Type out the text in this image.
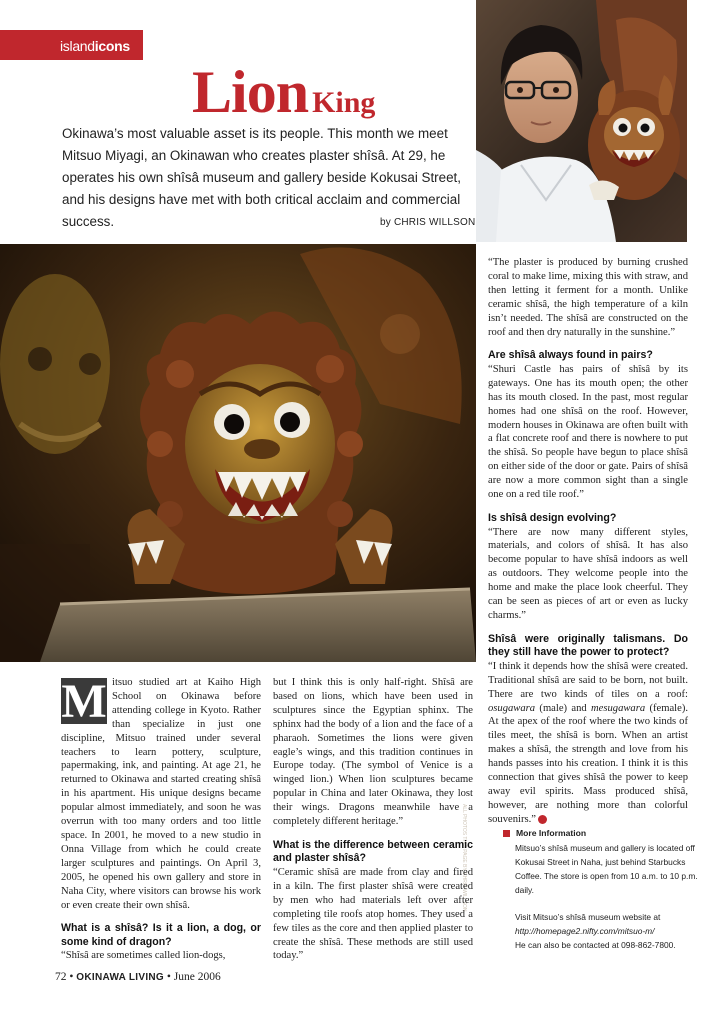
islandicons
Lion King
Okinawa’s most valuable asset is its people. This month we meet Mitsuo Miyagi, an Okinawan who creates plaster shîsâ. At 29, he operates his own shîsâ museum and gallery beside Kokusai Street, and his designs have met with both critical acclaim and commercial success.	by CHRIS WILLSON
ALL PHOTOS THIS PAGE BY CHRIS WILLSON
M itsuo studied art at Kaiho High School on Okinawa before attending college in Kyoto. Rather than specialize in just one discipline, Mitsuo trained under several teachers to learn pottery, sculpture, papermaking, ink, and painting. At age 21, he returned to Okinawa and started creating shîsâ in his apartment. His unique designs became popular almost immediately, and soon he was overrun with too many orders and too little space. In 2001, he moved to a new studio in Onna Village from which he could create larger sculptures and paintings. On April 3, 2005, he opened his own gallery and store in Naha City, where visitors can browse his work or even create their own shîsâ.

What is a shîsâ? Is it a lion, a dog, or some kind of dragon?

“Shîsâ are sometimes called lion-dogs,

but I think this is only half-right. Shîsâ are based on lions, which have been used in sculptures since the Egyptian sphinx. The sphinx had the body of a lion and the face of a pharaoh. Sometimes the lions were given eagle’s wings, and this tradition continues in Europe today. (The symbol of Venice is a winged lion.) When lion sculptures became popular in China and later Okinawa, they lost their wings. Dragons meanwhile have a completely different heritage.”

What is the difference between ceramic and plaster shîsâ?

“Ceramic shîsâ are made from clay and fired in a kiln. The first plaster shîsâ were created by men who had materials left over after completing tile roofs atop homes. They used a few tiles as the core and then applied plaster to create the shîsâ. These methods are still used today.”

“The plaster is produced by burning crushed coral to make lime, mixing this with straw, and then letting it ferment for a month. Unlike ceramic shîsâ, the high temperature of a kiln isn’t needed. The shîsâ are constructed on the roof and then dry naturally in the sunshine.”

Are shîsâ always found in pairs?

“Shuri Castle has pairs of shîsâ by its gateways. One has its mouth open; the other has its mouth closed. In the past, most regular homes had one shîsâ on the roof. However, modern houses in Okinawa are often built with a flat concrete roof and there is nowhere to put the shîsâ. So people have begun to place shîsâ on either side of the door or gate. Pairs of shîsâ are now a more common sight than a single one on a red tile roof.”

Is shîsâ design evolving?

“There are now many different styles, materials, and colors of shîsâ. It has also become popular to have shîsâ indoors as well as outdoors. They welcome people into the home and make the place look cheerful. They can be seen as pieces of art or even as lucky charms.”

Shîsâ were originally talismans. Do they still have the power to protect?

“I think it depends how the shîsâ were created. Traditional shîsâ are said to be born, not built. There are two kinds of tiles on a roof: osugawara (male) and mesugawara (female). At the apex of the roof where the two kinds of tiles meet, the shîsâ is born. When an artist makes a shîsâ, the strength and love from his hands passes into his creation. I think it is this connection that gives shîsâ the power to keep away evil spirits. Mass produced shîsâ, however, are nothing more than colorful souvenirs.”

More Information
Mitsuo’s shîsâ museum and gallery is located off Kokusai Street in Naha, just behind Starbucks Coffee. The store is open from 10 a.m. to 10 p.m. daily.
Visit Mitsuo’s shîsâ museum website at
http://homepage2.nifty.com/mitsuo-m/
He can also be contacted at 098-862-7800.
72 • OKINAWA LIVING • June 2006
